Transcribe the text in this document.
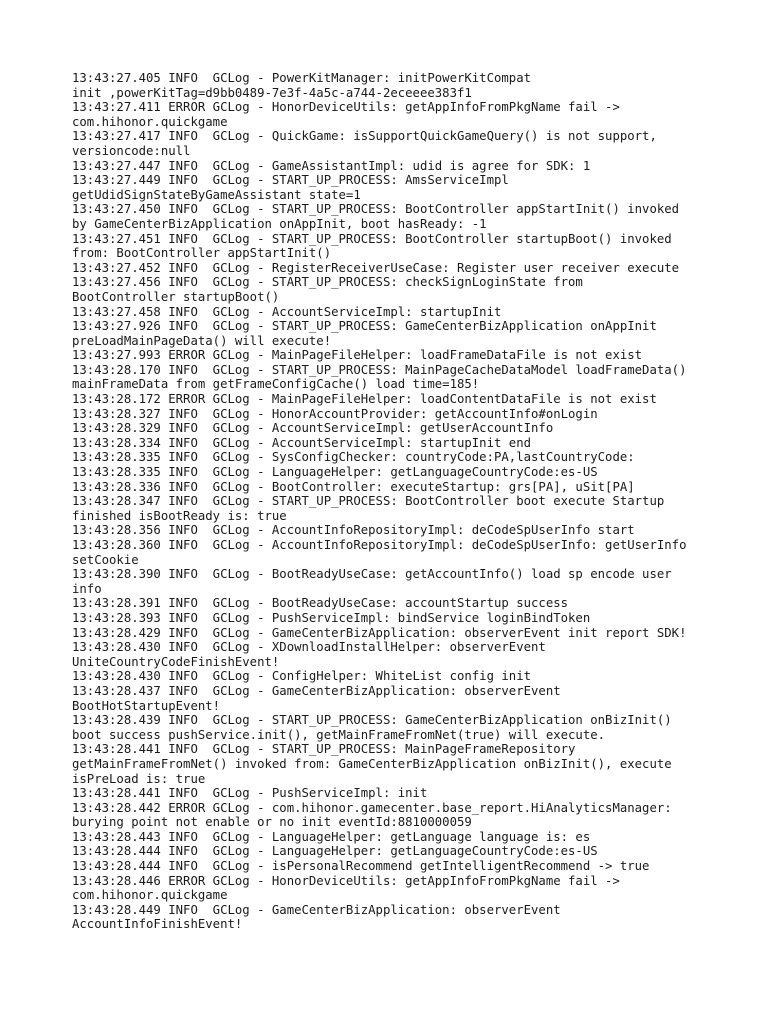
13:43:27.405 INFO  GCLog - PowerKitManager: initPowerKitCompat
init ,powerKitTag=d9bb0489-7e3f-4a5c-a744-2eceeee383f1
13:43:27.411 ERROR GCLog - HonorDeviceUtils: getAppInfoFromPkgName fail ->
com.hihonor.quickgame
13:43:27.417 INFO  GCLog - QuickGame: isSupportQuickGameQuery() is not support,
versioncode:null
13:43:27.447 INFO  GCLog - GameAssistantImpl: udid is agree for SDK: 1
13:43:27.449 INFO  GCLog - START_UP_PROCESS: AmsServiceImpl
getUdidSignStateByGameAssistant state=1
13:43:27.450 INFO  GCLog - START_UP_PROCESS: BootController appStartInit() invoked
by GameCenterBizApplication onAppInit, boot hasReady: -1
13:43:27.451 INFO  GCLog - START_UP_PROCESS: BootController startupBoot() invoked
from: BootController appStartInit()
13:43:27.452 INFO  GCLog - RegisterReceiverUseCase: Register user receiver execute
13:43:27.456 INFO  GCLog - START_UP_PROCESS: checkSignLoginState from
BootController startupBoot()
13:43:27.458 INFO  GCLog - AccountServiceImpl: startupInit
13:43:27.926 INFO  GCLog - START_UP_PROCESS: GameCenterBizApplication onAppInit
preLoadMainPageData() will execute!
13:43:27.993 ERROR GCLog - MainPageFileHelper: loadFrameDataFile is not exist
13:43:28.170 INFO  GCLog - START_UP_PROCESS: MainPageCacheDataModel loadFrameData()
mainFrameData from getFrameConfigCache() load time=185!
13:43:28.172 ERROR GCLog - MainPageFileHelper: loadContentDataFile is not exist
13:43:28.327 INFO  GCLog - HonorAccountProvider: getAccountInfo#onLogin
13:43:28.329 INFO  GCLog - AccountServiceImpl: getUserAccountInfo
13:43:28.334 INFO  GCLog - AccountServiceImpl: startupInit end
13:43:28.335 INFO  GCLog - SysConfigChecker: countryCode:PA,lastCountryCode:
13:43:28.335 INFO  GCLog - LanguageHelper: getLanguageCountryCode:es-US
13:43:28.336 INFO  GCLog - BootController: executeStartup: grs[PA], uSit[PA]
13:43:28.347 INFO  GCLog - START_UP_PROCESS: BootController boot execute Startup
finished isBootReady is: true
13:43:28.356 INFO  GCLog - AccountInfoRepositoryImpl: deCodeSpUserInfo start
13:43:28.360 INFO  GCLog - AccountInfoRepositoryImpl: deCodeSpUserInfo: getUserInfo
setCookie
13:43:28.390 INFO  GCLog - BootReadyUseCase: getAccountInfo() load sp encode user
info
13:43:28.391 INFO  GCLog - BootReadyUseCase: accountStartup success
13:43:28.393 INFO  GCLog - PushServiceImpl: bindService loginBindToken
13:43:28.429 INFO  GCLog - GameCenterBizApplication: observerEvent init report SDK!
13:43:28.430 INFO  GCLog - XDownloadInstallHelper: observerEvent
UniteCountryCodeFinishEvent!
13:43:28.430 INFO  GCLog - ConfigHelper: WhiteList config init
13:43:28.437 INFO  GCLog - GameCenterBizApplication: observerEvent
BootHotStartupEvent!
13:43:28.439 INFO  GCLog - START_UP_PROCESS: GameCenterBizApplication onBizInit()
boot success pushService.init(), getMainFrameFromNet(true) will execute.
13:43:28.441 INFO  GCLog - START_UP_PROCESS: MainPageFrameRepository
getMainFrameFromNet() invoked from: GameCenterBizApplication onBizInit(), execute
isPreLoad is: true
13:43:28.441 INFO  GCLog - PushServiceImpl: init
13:43:28.442 ERROR GCLog - com.hihonor.gamecenter.base_report.HiAnalyticsManager:
burying point not enable or no init eventId:8810000059
13:43:28.443 INFO  GCLog - LanguageHelper: getLanguage language is: es
13:43:28.444 INFO  GCLog - LanguageHelper: getLanguageCountryCode:es-US
13:43:28.444 INFO  GCLog - isPersonalRecommend getIntelligentRecommend -> true
13:43:28.446 ERROR GCLog - HonorDeviceUtils: getAppInfoFromPkgName fail ->
com.hihonor.quickgame
13:43:28.449 INFO  GCLog - GameCenterBizApplication: observerEvent
AccountInfoFinishEvent!
